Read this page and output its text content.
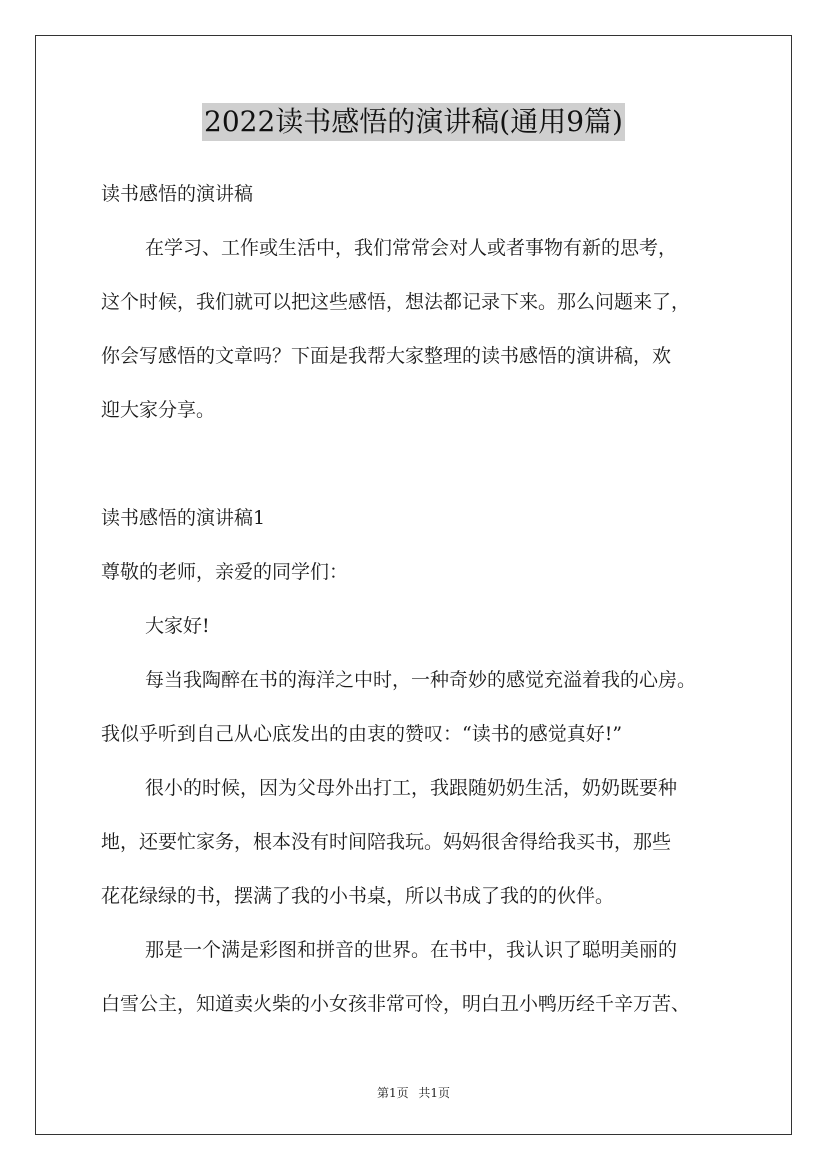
2022读书感悟的演讲稿(通用9篇)
读书感悟的演讲稿
在学习、工作或生活中，我们常常会对人或者事物有新的思考，
这个时候，我们就可以把这些感悟，想法都记录下来。那么问题来了，
你会写感悟的文章吗？下面是我帮大家整理的读书感悟的演讲稿，欢
迎大家分享。
读书感悟的演讲稿1
尊敬的老师，亲爱的同学们：
大家好!
每当我陶醉在书的海洋之中时，一种奇妙的感觉充溢着我的心房。
我似乎听到自己从心底发出的由衷的赞叹：“读书的感觉真好!”
很小的时候，因为父母外出打工，我跟随奶奶生活，奶奶既要种
地，还要忙家务，根本没有时间陪我玩。妈妈很舍得给我买书，那些
花花绿绿的书，摆满了我的小书桌，所以书成了我的的伙伴。
那是一个满是彩图和拼音的世界。在书中，我认识了聪明美丽的
白雪公主，知道卖火柴的小女孩非常可怜，明白丑小鸭历经千辛万苦、
第1页 共1页
